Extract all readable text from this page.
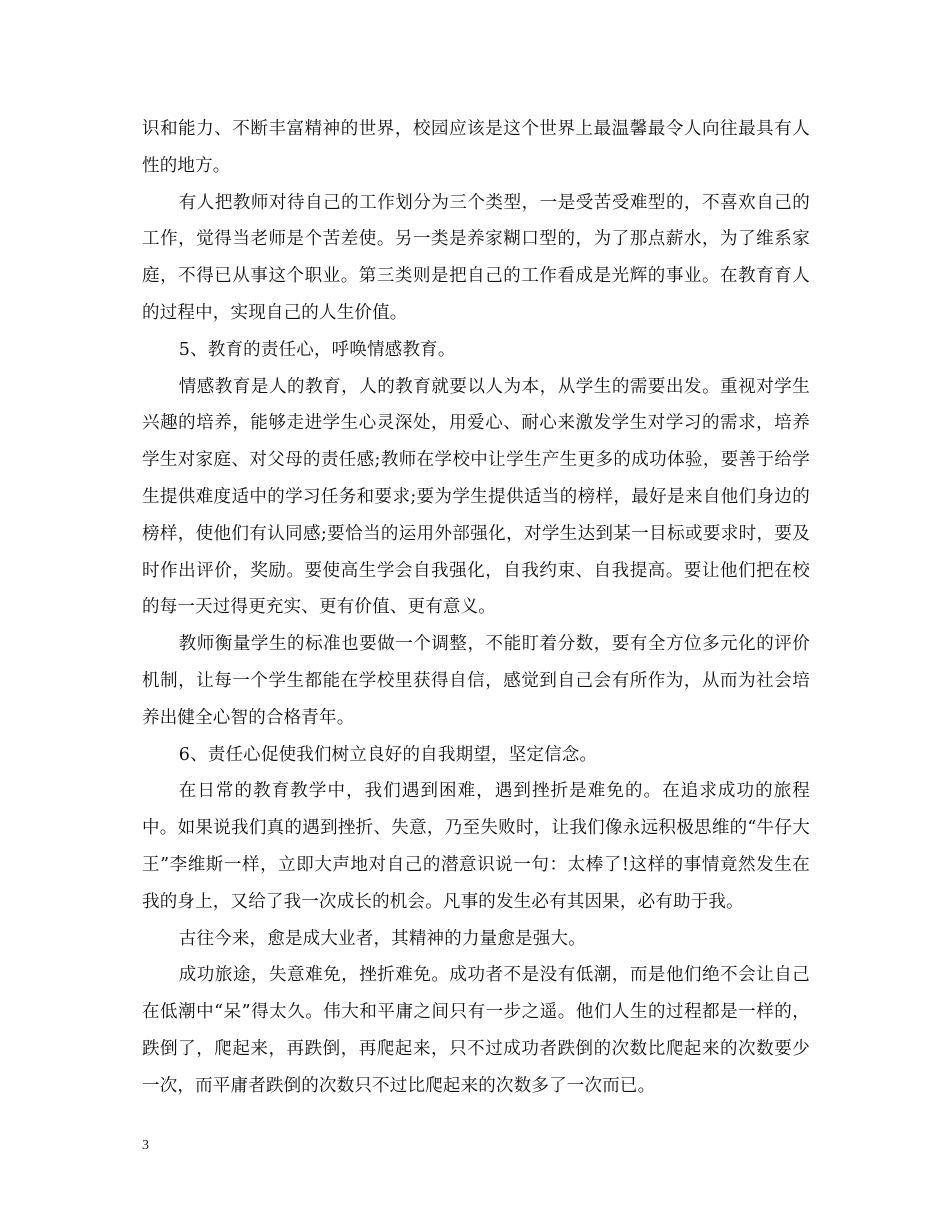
识和能力、不断丰富精神的世界，校园应该是这个世界上最温馨最令人向往最具有人性的地方。

有人把教师对待自己的工作划分为三个类型，一是受苦受难型的，不喜欢自己的工作，觉得当老师是个苦差使。另一类是养家糊口型的，为了那点薪水，为了维系家庭，不得已从事这个职业。第三类则是把自己的工作看成是光辉的事业。在教育育人的过程中，实现自己的人生价值。

5、教育的责任心，呼唤情感教育。

情感教育是人的教育，人的教育就要以人为本，从学生的需要出发。重视对学生兴趣的培养，能够走进学生心灵深处，用爱心、耐心来激发学生对学习的需求，培养学生对家庭、对父母的责任感;教师在学校中让学生产生更多的成功体验，要善于给学生提供难度适中的学习任务和要求;要为学生提供适当的榜样，最好是来自他们身边的榜样，使他们有认同感;要恰当的运用外部强化，对学生达到某一目标或要求时，要及时作出评价，奖励。要使高生学会自我强化，自我约束、自我提高。要让他们把在校的每一天过得更充实、更有价值、更有意义。

教师衡量学生的标准也要做一个调整，不能盯着分数，要有全方位多元化的评价机制，让每一个学生都能在学校里获得自信，感觉到自己会有所作为，从而为社会培养出健全心智的合格青年。

6、责任心促使我们树立良好的自我期望，坚定信念。

在日常的教育教学中，我们遇到困难，遇到挫折是难免的。在追求成功的旅程中。如果说我们真的遇到挫折、失意，乃至失败时，让我们像永远积极思维的“牛仔大王”李维斯一样，立即大声地对自己的潜意识说一句：太棒了!这样的事情竟然发生在我的身上，又给了我一次成长的机会。凡事的发生必有其因果，必有助于我。

古往今来，愈是成大业者，其精神的力量愈是强大。

成功旅途，失意难免，挫折难免。成功者不是没有低潮，而是他们绝不会让自己在低潮中“呆”得太久。伟大和平庸之间只有一步之遥。他们人生的过程都是一样的，跌倒了，爬起来，再跌倒，再爬起来，只不过成功者跌倒的次数比爬起来的次数要少一次，而平庸者跌倒的次数只不过比爬起来的次数多了一次而已。

3
